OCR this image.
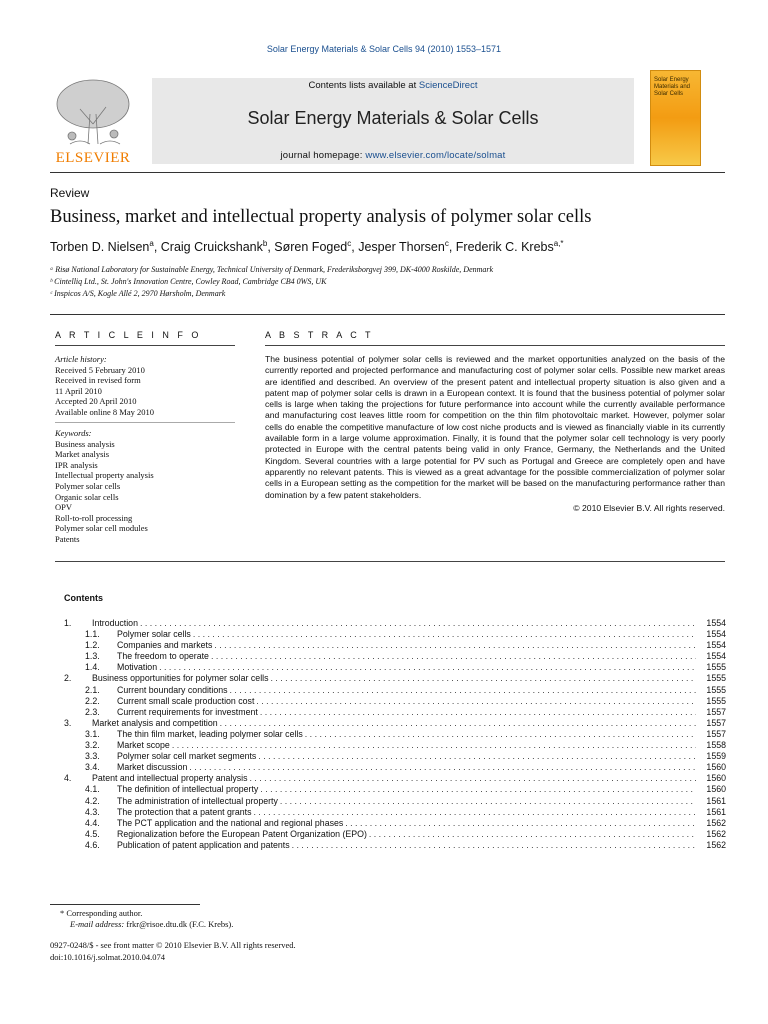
Solar Energy Materials & Solar Cells 94 (2010) 1553–1571
Contents lists available at ScienceDirect
Solar Energy Materials & Solar Cells
journal homepage: www.elsevier.com/locate/solmat
ELSEVIER
Solar Energy Materials and Solar Cells
Review
Business, market and intellectual property analysis of polymer solar cells
Torben D. Nielsen$^a$, Craig Cruickshank$^b$, Søren Foged$^c$, Jesper Thorsen$^c$, Frederik C. Krebs$^{a,*}$
ᵃ Risø National Laboratory for Sustainable Energy, Technical University of Denmark, Frederiksborgvej 399, DK-4000 Roskilde, Denmark
ᵇ Cintelliq Ltd., St. John's Innovation Centre, Cowley Road, Cambridge CB4 0WS, UK
ᶜ Inspicos A/S, Kogle Allé 2, 2970 Hørsholm, Denmark
A R T I C L E I N F O
Article history:
Received 5 February 2010
Received in revised form
11 April 2010
Accepted 20 April 2010
Available online 8 May 2010
Keywords:
Business analysis
Market analysis
IPR analysis
Intellectual property analysis
Polymer solar cells
Organic solar cells
OPV
Roll-to-roll processing
Polymer solar cell modules
Patents
A B S T R A C T
The business potential of polymer solar cells is reviewed and the market opportunities analyzed on the basis of the currently reported and projected performance and manufacturing cost of polymer solar cells. Possible new market areas are identified and described. An overview of the present patent and intellectual property situation is also given and a patent map of polymer solar cells is drawn in a European context. It is found that the business potential of polymer solar cells is large when taking the projections for future performance into account while the currently available performance and manufacturing cost leaves little room for competition on the thin film photovoltaic market. However, polymer solar cells do enable the competitive manufacture of low cost niche products and is viewed as financially viable in its currently available form in a large volume approximation. Finally, it is found that the polymer solar cell technology is very poorly protected in Europe with the central patents being valid in only France, Germany, the Netherlands and the United Kingdom. Several countries with a large potential for PV such as Portugal and Greece are completely open and have apparently no relevant patents. This is viewed as a great advantage for the possible commercialization of polymer solar cells in a European setting as the competition for the market will be based on the manufacturing performance rather than domination by a few patent stakeholders.
© 2010 Elsevier B.V. All rights reserved.
Contents
1.	Introduction . . .	1554
1.1.	Polymer solar cells . . .	1554
1.2.	Companies and markets . . .	1554
1.3.	The freedom to operate . . .	1554
1.4.	Motivation . . .	1555
2.	Business opportunities for polymer solar cells . . .	1555
2.1.	Current boundary conditions . . .	1555
2.2.	Current small scale production cost . . .	1555
2.3.	Current requirements for investment . . .	1557
3.	Market analysis and competition . . .	1557
3.1.	The thin film market, leading polymer solar cells . . .	1557
3.2.	Market scope . . .	1558
3.3.	Polymer solar cell market segments . . .	1559
3.4.	Market discussion . . .	1560
4.	Patent and intellectual property analysis . . .	1560
4.1.	The definition of intellectual property . . .	1560
4.2.	The administration of intellectual property . . .	1561
4.3.	The protection that a patent grants . . .	1561
4.4.	The PCT application and the national and regional phases . . .	1562
4.5.	Regionalization before the European Patent Organization (EPO) . . .	1562
4.6.	Publication of patent application and patents . . .	1562
* Corresponding author.
E-mail address: frkr@risoe.dtu.dk (F.C. Krebs).
0927-0248/$ - see front matter © 2010 Elsevier B.V. All rights reserved.
doi:10.1016/j.solmat.2010.04.074
